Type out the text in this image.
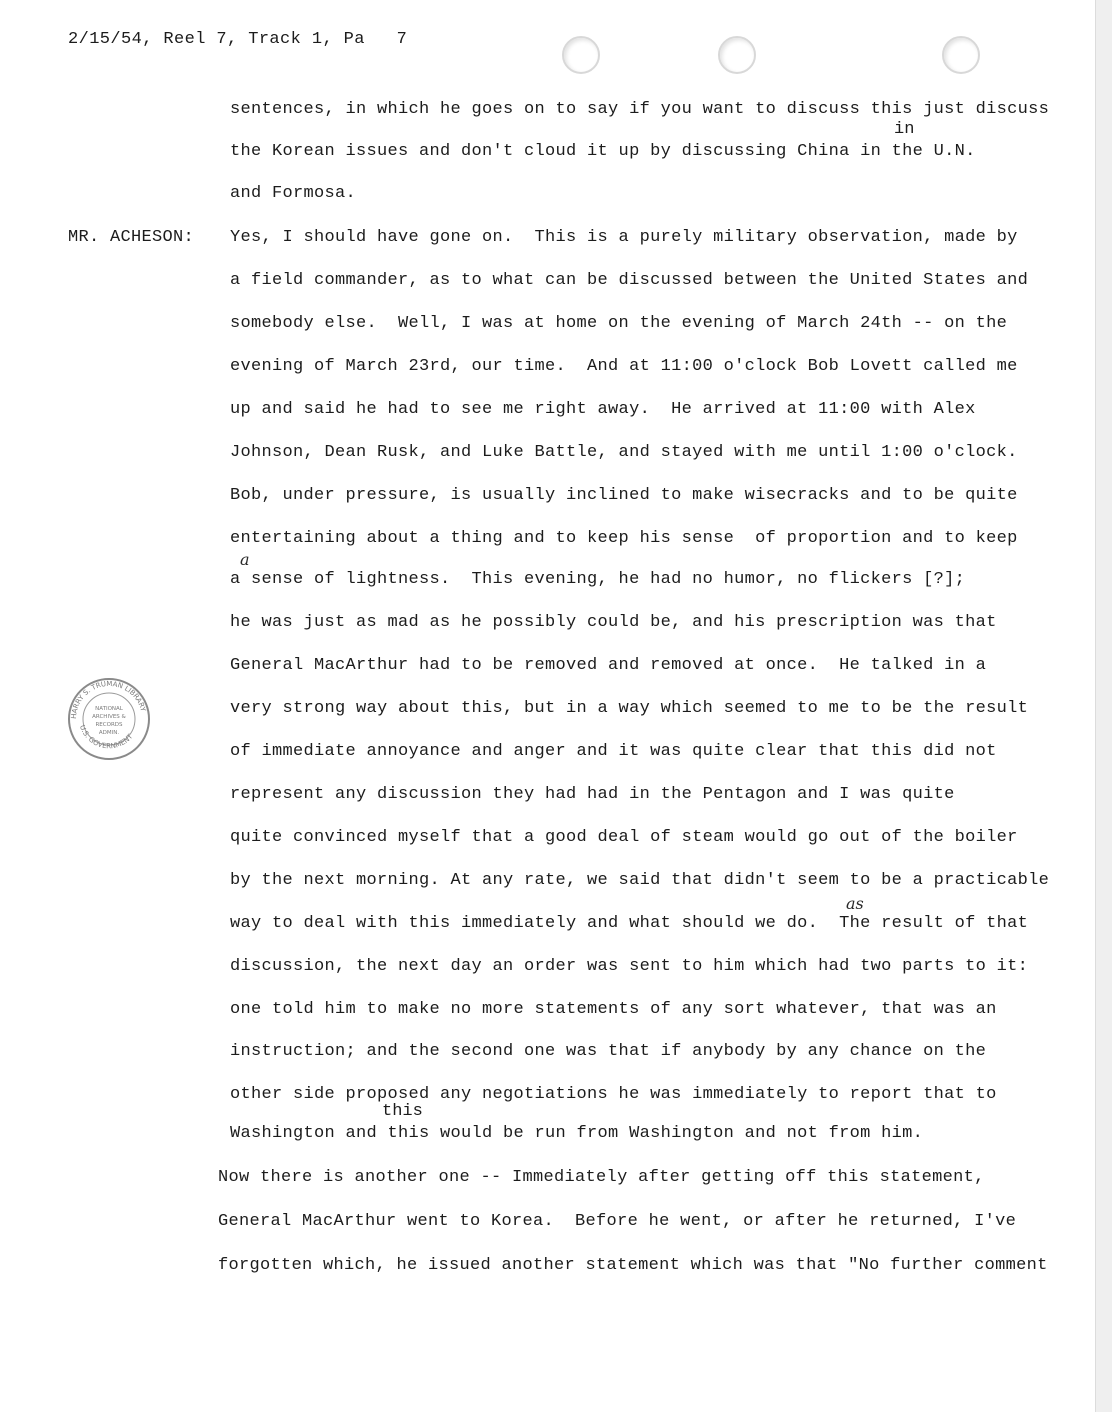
2/15/54, Reel 7, Track 1, Pa   7
sentences, in which he goes on to say if you want to discuss this just discuss
in
the Korean issues and don't cloud it up by discussing China in the U.N.
and Formosa.
MR. ACHESON: Yes, I should have gone on.  This is a purely military observation, made by
a field commander, as to what can be discussed between the United States and
somebody else.  Well, I was at home on the evening of March 24th -- on the
evening of March 23rd, our time.  And at 11:00 o'clock Bob Lovett called me
up and said he had to see me right away.  He arrived at 11:00 with Alex
Johnson, Dean Rusk, and Luke Battle, and stayed with me until 1:00 o'clock.
Bob, under pressure, is usually inclined to make wisecracks and to be quite
entertaining about a thing and to keep his sense  of proportion and to keep
a
a sense of lightness.  This evening, he had no humor, no flickers [?];
he was just as mad as he possibly could be, and his prescription was that
General MacArthur had to be removed and removed at once.  He talked in a
very strong way about this, but in a way which seemed to me to be the result
of immediate annoyance and anger and it was quite clear that this did not
represent any discussion they had had in the Pentagon and I was quite
quite convinced myself that a good deal of steam would go out of the boiler
by the next morning. At any rate, we said that didn't seem to be a practicable
as
way to deal with this immediately and what should we do.  The result of that
discussion, the next day an order was sent to him which had two parts to it:
one told him to make no more statements of any sort whatever, that was an
instruction; and the second one was that if anybody by any chance on the
other side proposed any negotiations he was immediately to report that to
this
Washington and this would be run from Washington and not from him.
Now there is another one -- Immediately after getting off this statement,
General MacArthur went to Korea.  Before he went, or after he returned, I've
forgotten which, he issued another statement which was that "No further comment
HARRY S. TRUMAN LIBRARY
U.S. GOVERNMENT
NATIONAL
ARCHIVES &
RECORDS
ADMIN.
